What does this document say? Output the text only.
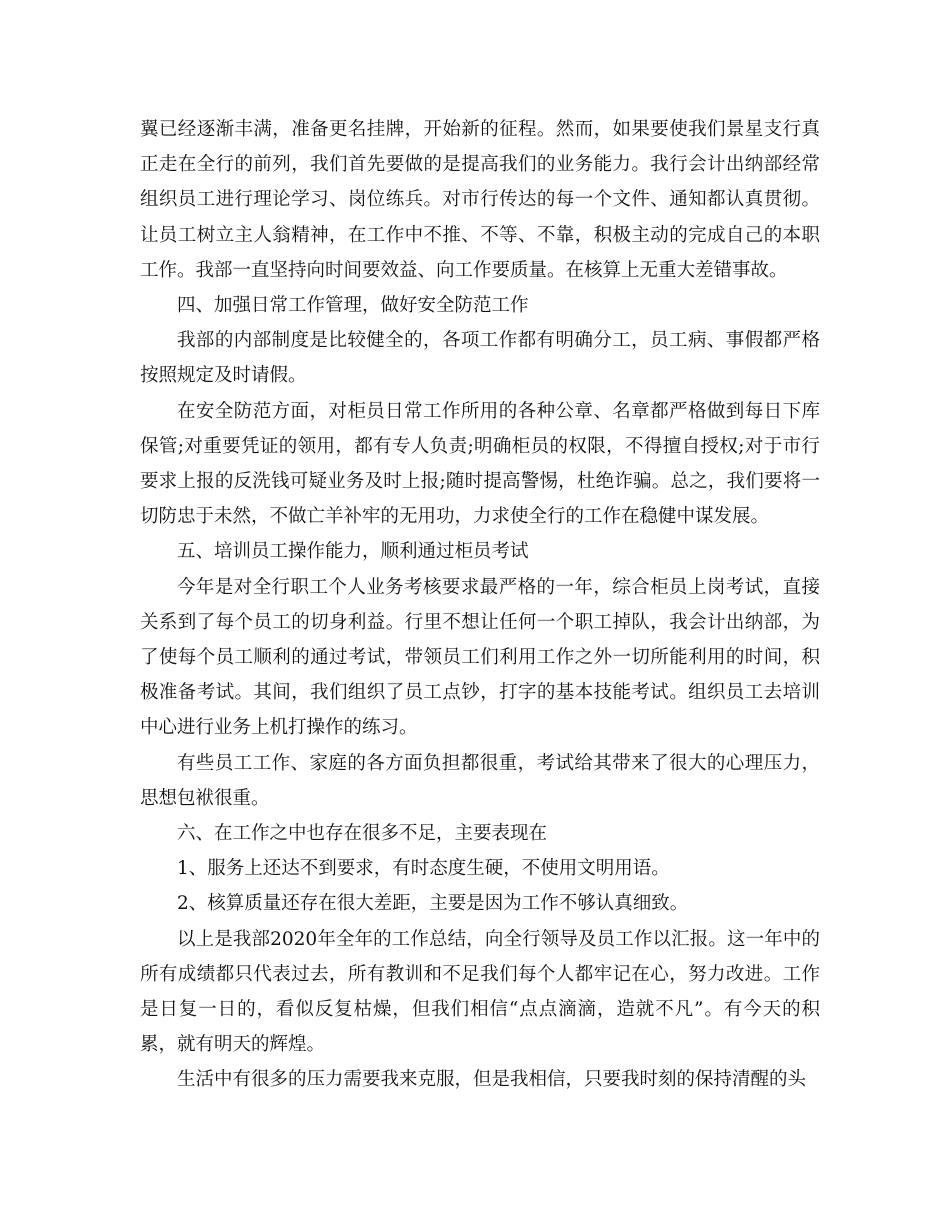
翼已经逐渐丰满，准备更名挂牌，开始新的征程。然而，如果要使我们景星支行真正走在全行的前列，我们首先要做的是提高我们的业务能力。我行会计出纳部经常组织员工进行理论学习、岗位练兵。对市行传达的每一个文件、通知都认真贯彻。让员工树立主人翁精神，在工作中不推、不等、不靠，积极主动的完成自己的本职工作。我部一直坚持向时间要效益、向工作要质量。在核算上无重大差错事故。

四、加强日常工作管理，做好安全防范工作

我部的内部制度是比较健全的，各项工作都有明确分工，员工病、事假都严格按照规定及时请假。

在安全防范方面，对柜员日常工作所用的各种公章、名章都严格做到每日下库保管;对重要凭证的领用，都有专人负责;明确柜员的权限，不得擅自授权;对于市行要求上报的反洗钱可疑业务及时上报;随时提高警惕，杜绝诈骗。总之，我们要将一切防忠于未然，不做亡羊补牢的无用功，力求使全行的工作在稳健中谋发展。

五、培训员工操作能力，顺利通过柜员考试

今年是对全行职工个人业务考核要求最严格的一年，综合柜员上岗考试，直接关系到了每个员工的切身利益。行里不想让任何一个职工掉队，我会计出纳部，为了使每个员工顺利的通过考试，带领员工们利用工作之外一切所能利用的时间，积极准备考试。其间，我们组织了员工点钞，打字的基本技能考试。组织员工去培训中心进行业务上机打操作的练习。

有些员工工作、家庭的各方面负担都很重，考试给其带来了很大的心理压力，思想包袱很重。

六、在工作之中也存在很多不足，主要表现在

1、服务上还达不到要求，有时态度生硬，不使用文明用语。

2、核算质量还存在很大差距，主要是因为工作不够认真细致。

以上是我部2020年全年的工作总结，向全行领导及员工作以汇报。这一年中的所有成绩都只代表过去，所有教训和不足我们每个人都牢记在心，努力改进。工作是日复一日的，看似反复枯燥，但我们相信“点点滴滴，造就不凡”。有今天的积累，就有明天的辉煌。

生活中有很多的压力需要我来克服，但是我相信，只要我时刻的保持清醒的头
